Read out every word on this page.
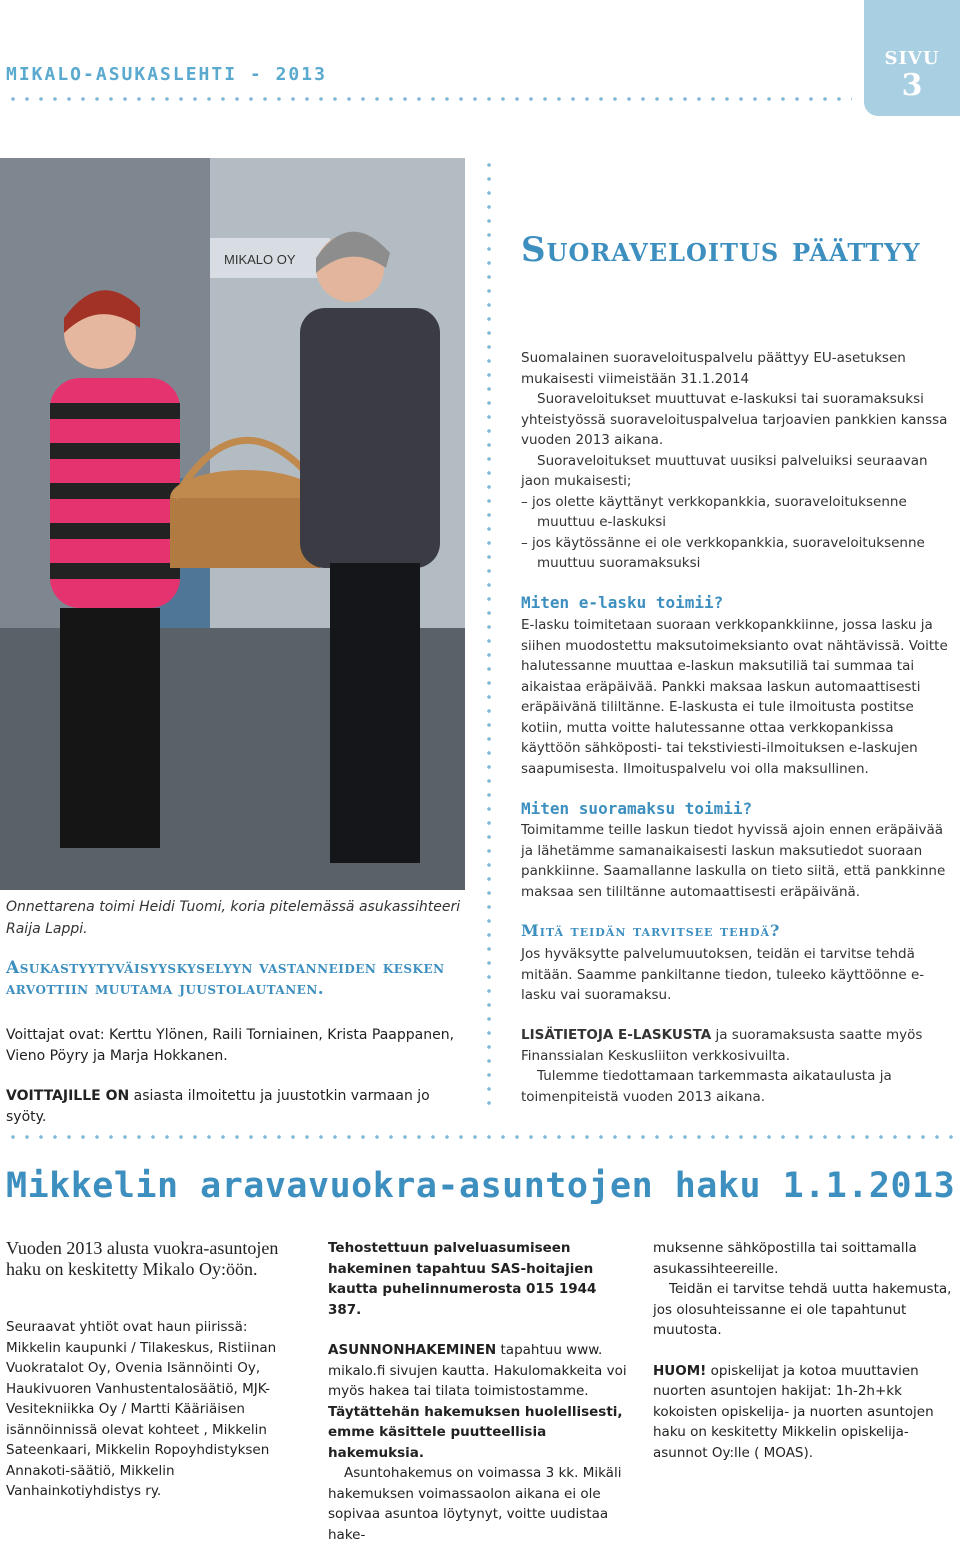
MIKALO-ASUKASLEHTI - 2013
SIVU
3
MIKALO OY
Onnettarena toimi Heidi Tuomi, koria pitelemässä asukassihteeri Raija Lappi.
Asukastyytyväisyyskyselyyn vastanneiden kesken arvottiin muutama juustolautanen.
Voittajat ovat: Kerttu Ylönen, Raili Torniainen, Krista Paappanen, Vieno Pöyry ja Marja Hokkanen.
VOITTAJILLE ON asiasta ilmoitettu ja juustotkin varmaan jo syöty.
Suoraveloitus päättyy
Suomalainen suoraveloituspalvelu päättyy EU-asetuksen mukaisesti viimeistään 31.1.2014
Suoraveloitukset muuttuvat e-laskuksi tai suoramaksuksi yhteistyössä suoraveloituspalvelua tarjoavien pankkien kanssa vuoden 2013 aikana.
Suoraveloitukset muuttuvat uusiksi palveluiksi seuraavan jaon mukaisesti;
– jos olette käyttänyt verkkopankkia, suoraveloituksenne muuttuu e-laskuksi
– jos käytössänne ei ole verkkopankkia, suoraveloituksenne muuttuu suoramaksuksi
Miten e-lasku toimii?
E-lasku toimitetaan suoraan verkkopankkiinne, jossa lasku ja siihen muodostettu maksutoimeksianto ovat nähtävissä. Voitte halutessanne muuttaa e-laskun maksutiliä tai summaa tai aikaistaa eräpäivää. Pankki maksaa laskun automaattisesti eräpäivänä tililtänne. E-laskusta ei tule ilmoitusta postitse kotiin, mutta voitte halutessanne ottaa verkkopankissa käyttöön sähköposti- tai tekstiviesti-ilmoituksen e-laskujen saapumisesta. Ilmoituspalvelu voi olla maksullinen.
Miten suoramaksu toimii?
Toimitamme teille laskun tiedot hyvissä ajoin ennen eräpäivää ja lähetämme samanaikaisesti laskun maksutiedot suoraan pankkiinne. Saamallanne laskulla on tieto siitä, että pankkinne maksaa sen tililtänne automaattisesti eräpäivänä.
Mitä teidän tarvitsee tehdä?
Jos hyväksytte palvelumuutoksen, teidän ei tarvitse tehdä mitään. Saamme pankiltanne tiedon, tuleeko käyttöönne e-lasku vai suoramaksu.
LISÄTIETOJA E-LASKUSTA ja suoramaksusta saatte myös Finanssialan Keskusliiton verkkosivuilta.
Tulemme tiedottamaan tarkemmasta aikataulusta ja toimenpiteistä vuoden 2013 aikana.
Mikkelin aravavuokra-asuntojen haku 1.1.2013
Vuoden 2013 alusta vuokra-asuntojen haku on keskitetty Mikalo Oy:öön.
Seuraavat yhtiöt ovat haun piirissä: Mikkelin kaupunki / Tilakeskus, Ristiinan Vuokratalot Oy, Ovenia Isännöinti Oy, Haukivuoren Vanhustentalosäätiö, MJK-Vesitekniikka Oy / Martti Kääriäisen isännöinnissä olevat kohteet , Mikkelin Sateenkaari, Mikkelin Ropoyhdistyksen Annakoti-säätiö, Mikkelin Vanhainkotiyhdistys ry.
Tehostettuun palveluasumiseen hakeminen tapahtuu SAS-hoitajien kautta puhelinnumerosta 015 1944 387.
ASUNNONHAKEMINEN tapahtuu www. mikalo.fi sivujen kautta. Hakulomakkeita voi myös hakea tai tilata toimistostamme. Täytättehän hakemuksen huolellisesti, emme käsittele puutteellisia hakemuksia.
Asuntohakemus on voimassa 3 kk. Mikäli hakemuksen voimassaolon aikana ei ole sopivaa asuntoa löytynyt, voitte uudistaa hake-
muksenne sähköpostilla tai soittamalla asukassihteereille.
Teidän ei tarvitse tehdä uutta hakemusta, jos olosuhteissanne ei ole tapahtunut muutosta.
HUOM! opiskelijat ja kotoa muuttavien nuorten asuntojen hakijat: 1h-2h+kk kokoisten opiskelija- ja nuorten asuntojen haku on keskitetty Mikkelin opiskelija-asunnot Oy:lle ( MOAS).
